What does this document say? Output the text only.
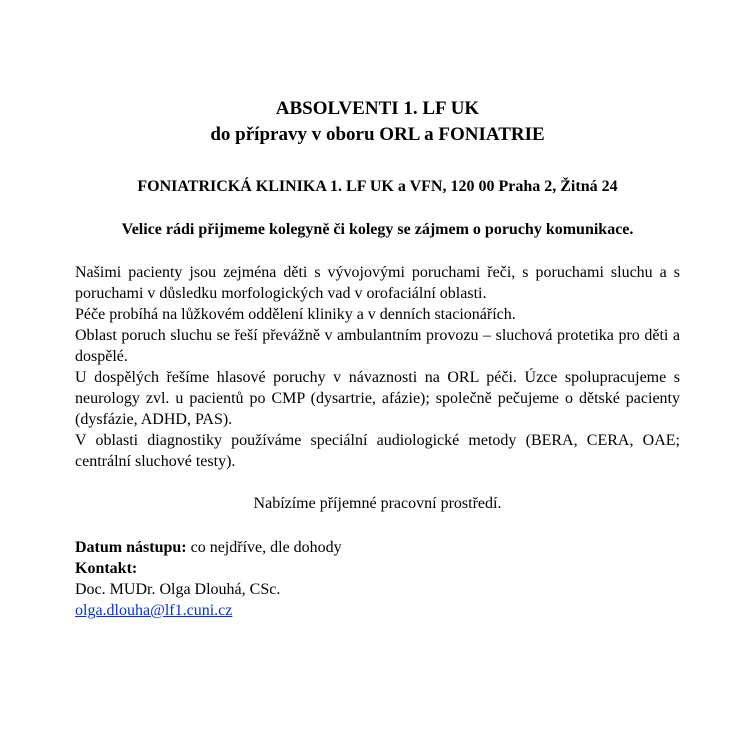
ABSOLVENTI 1. LF UK
do přípravy v oboru ORL a FONIATRIE
FONIATRICKÁ KLINIKA 1. LF UK a VFN, 120 00 Praha 2, Žitná 24
Velice rádi přijmeme kolegyně či kolegy se zájmem o poruchy komunikace.

Našimi pacienty jsou zejména děti s vývojovými poruchami řeči, s poruchami sluchu a s poruchami v důsledku morfologických vad v orofaciální oblasti.

Péče probíhá na lůžkovém oddělení kliniky a v denních stacionářích.

Oblast poruch sluchu se řeší převážně v ambulantním provozu – sluchová protetika pro děti a dospělé.

U dospělých řešíme hlasové poruchy v návaznosti na ORL péči. Úzce spolupracujeme s neurology zvl. u pacientů po CMP (dysartrie, afázie); společně pečujeme o dětské pacienty (dysfázie, ADHD, PAS).

V oblasti diagnostiky používáme speciální audiologické metody (BERA, CERA, OAE; centrální sluchové testy).

Nabízíme příjemné pracovní prostředí.
Datum nástupu: co nejdříve, dle dohody
Kontakt:
Doc. MUDr. Olga Dlouhá, CSc.
olga.dlouha@lf1.cuni.cz
